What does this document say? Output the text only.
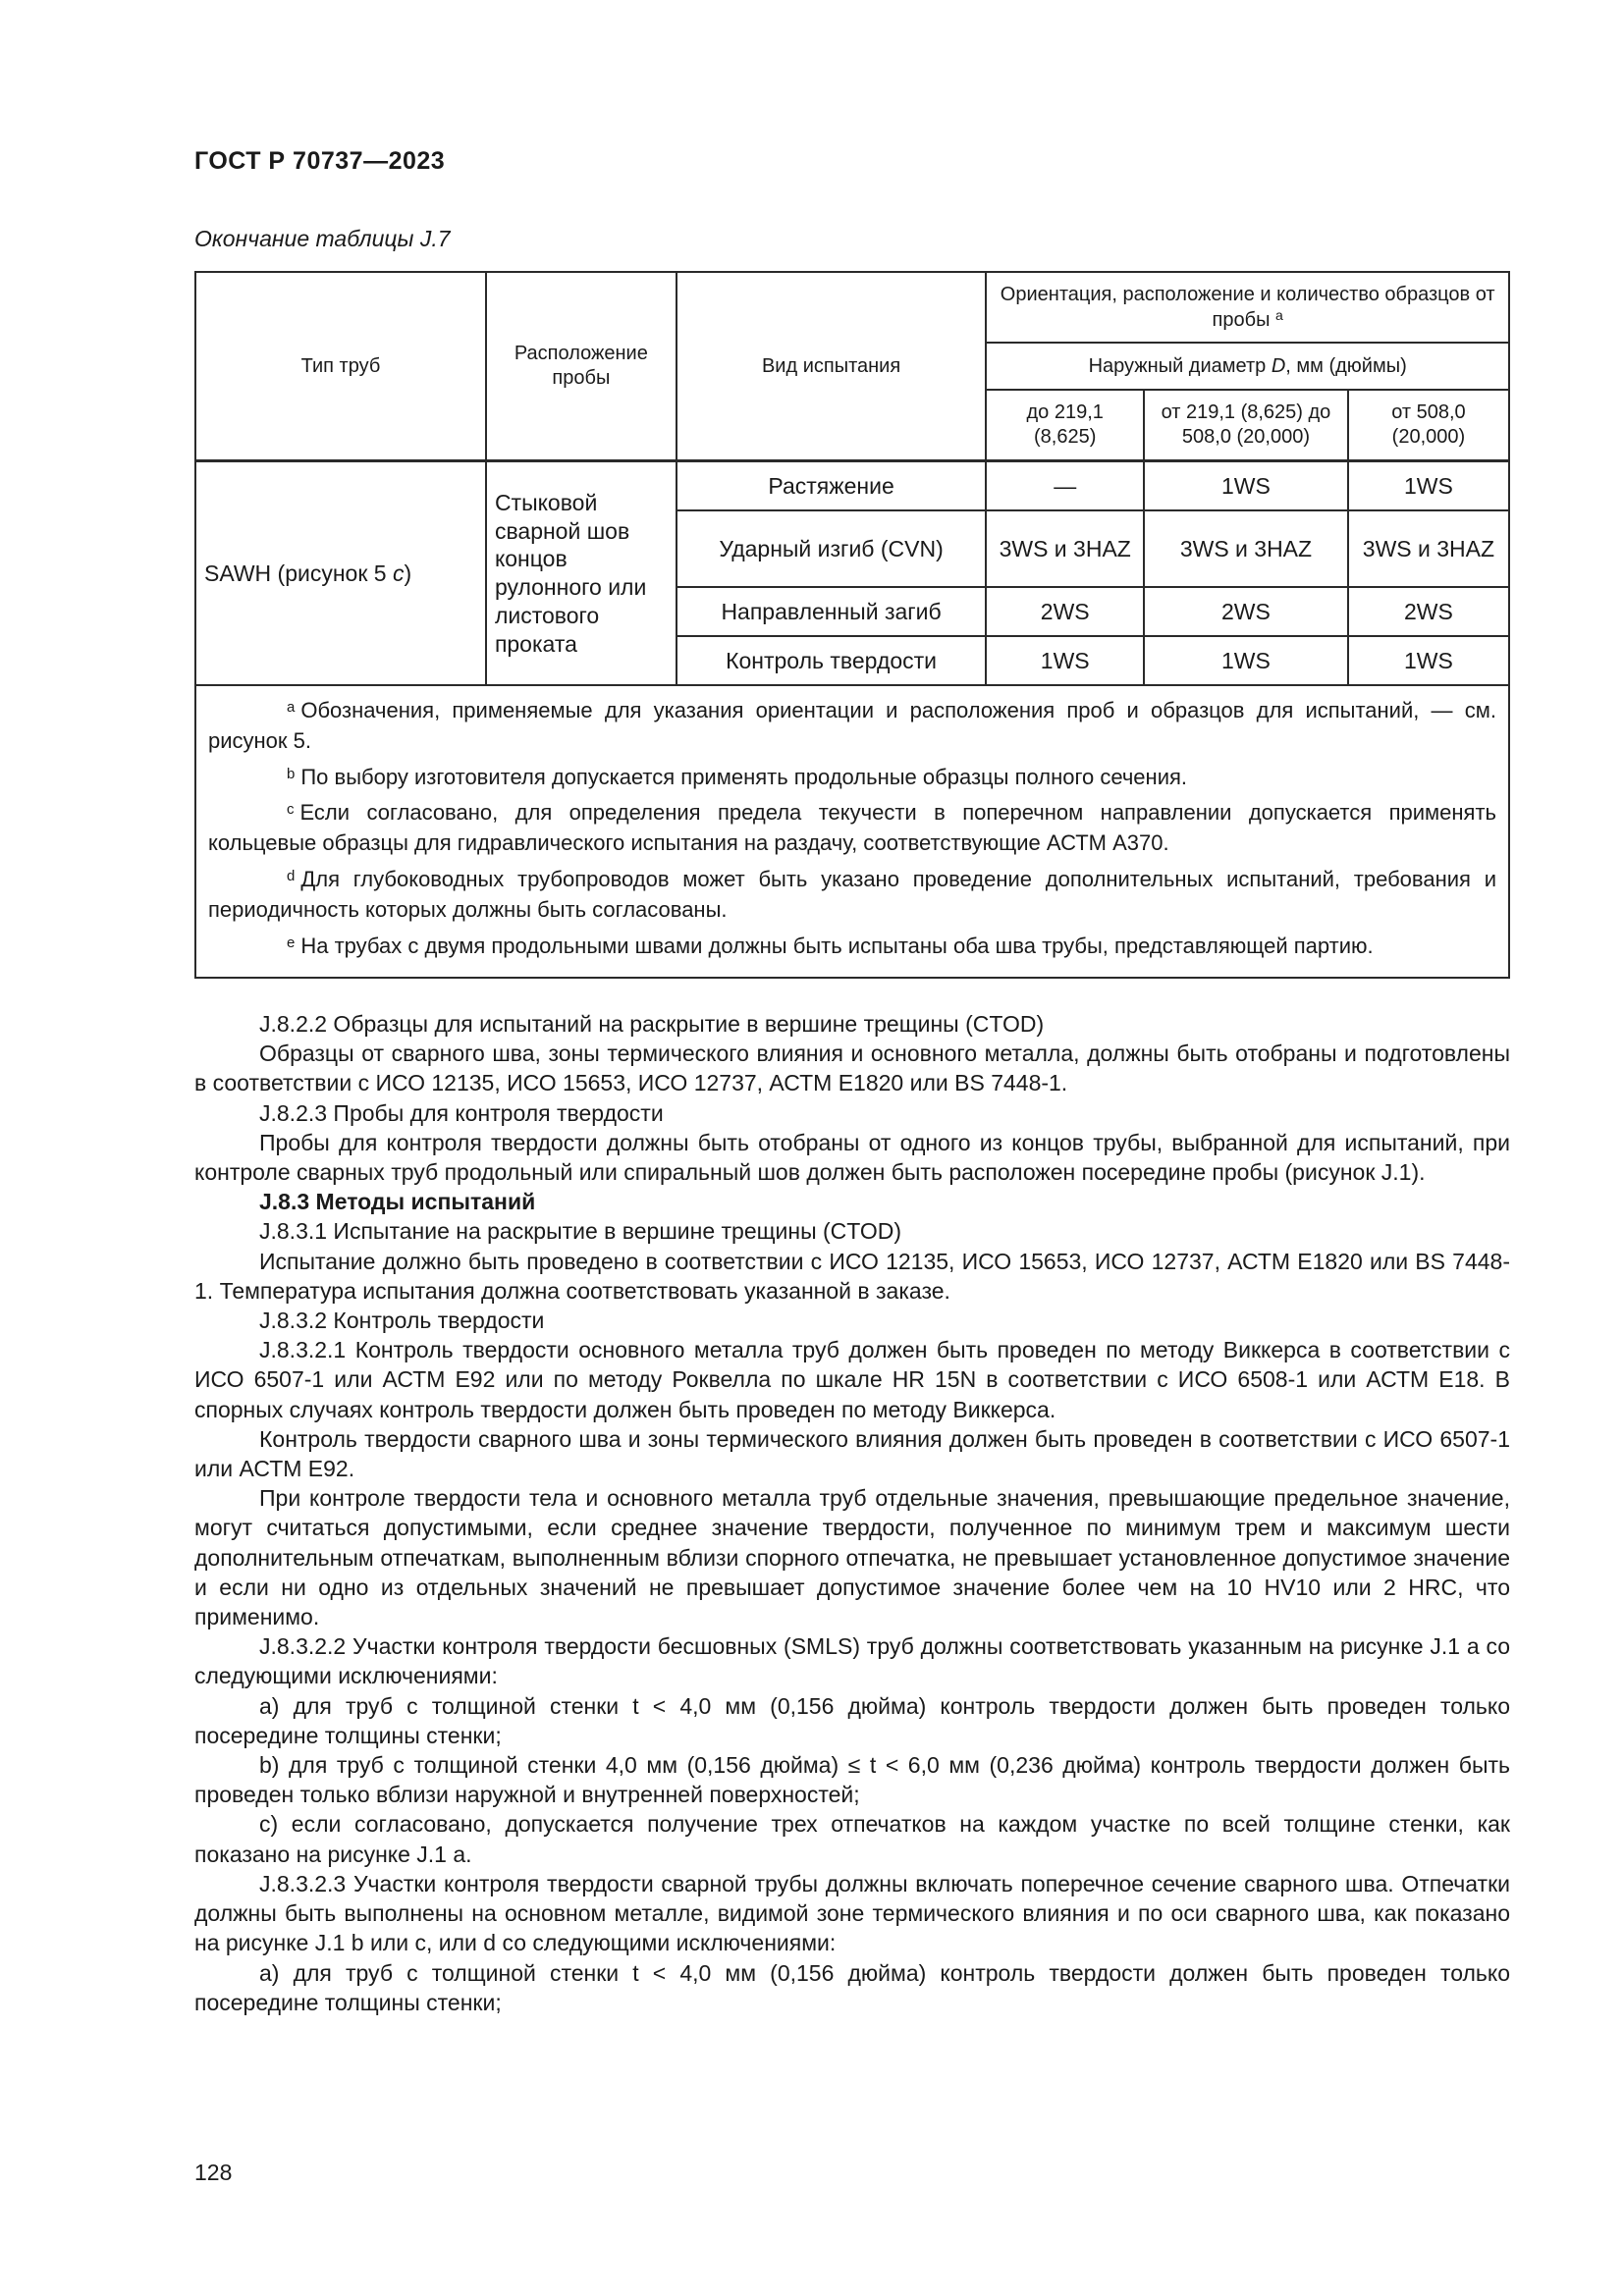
ГОСТ Р 70737—2023
Окончание таблицы J.7
Тип труб	Расположение пробы	Вид испытания	Ориентация, расположение и количество образцов от пробы $^a$
			Наружный диаметр D, мм (дюймы)		
			до 219,1 (8,625)	от 219,1 (8,625) до 508,0 (20,000)	от 508,0 (20,000)
SAWH (рисунок 5 c)	Стыковой сварной шов концов рулонного или листового проката	Растяжение	—	1WS	1WS
		Ударный изгиб (CVN)	3WS и 3HAZ	3WS и 3HAZ	3WS и 3HAZ
		Направленный загиб	2WS	2WS	2WS
		Контроль твердости	1WS	1WS	1WS

$^a$ Обозначения, применяемые для указания ориентации и расположения проб и образцов для испытаний, — см. рисунок 5.
$^b$ По выбору изготовителя допускается применять продольные образцы полного сечения.
$^c$ Если согласовано, для определения предела текучести в поперечном направлении допускается применять кольцевые образцы для гидравлического испытания на раздачу, соответствующие АСТМ А370.
$^d$ Для глубоководных трубопроводов может быть указано проведение дополнительных испытаний, требования и периодичность которых должны быть согласованы.
$^e$ На трубах с двумя продольными швами должны быть испытаны оба шва трубы, представляющей партию.					

J.8.2.2 Образцы для испытаний на раскрытие в вершине трещины (CTOD)

Образцы от сварного шва, зоны термического влияния и основного металла, должны быть отобраны и подготовлены в соответствии с ИСО 12135, ИСО 15653, ИСО 12737, АСТМ Е1820 или BS 7448-1.

J.8.2.3 Пробы для контроля твердости

Пробы для контроля твердости должны быть отобраны от одного из концов трубы, выбранной для испытаний, при контроле сварных труб продольный или спиральный шов должен быть расположен посередине пробы (рисунок J.1).

J.8.3 Методы испытаний

J.8.3.1 Испытание на раскрытие в вершине трещины (CTOD)

Испытание должно быть проведено в соответствии с ИСО 12135, ИСО 15653, ИСО 12737, АСТМ Е1820 или BS 7448-1. Температура испытания должна соответствовать указанной в заказе.

J.8.3.2 Контроль твердости

J.8.3.2.1 Контроль твердости основного металла труб должен быть проведен по методу Виккерса в соответствии с ИСО 6507-1 или АСТМ Е92 или по методу Роквелла по шкале HR 15N в соответствии с ИСО 6508-1 или АСТМ Е18. В спорных случаях контроль твердости должен быть проведен по методу Виккерса.

Контроль твердости сварного шва и зоны термического влияния должен быть проведен в соответствии с ИСО 6507-1 или АСТМ Е92.

При контроле твердости тела и основного металла труб отдельные значения, превышающие предельное значение, могут считаться допустимыми, если среднее значение твердости, полученное по минимум трем и максимум шести дополнительным отпечаткам, выполненным вблизи спорного отпечатка, не превышает установленное допустимое значение и если ни одно из отдельных значений не превышает допустимое значение более чем на 10 HV10 или 2 HRC, что применимо.

J.8.3.2.2 Участки контроля твердости бесшовных (SMLS) труб должны соответствовать указанным на рисунке J.1 a со следующими исключениями:

a) для труб с толщиной стенки t < 4,0 мм (0,156 дюйма) контроль твердости должен быть проведен только посередине толщины стенки;

b) для труб с толщиной стенки 4,0 мм (0,156 дюйма) ≤ t < 6,0 мм (0,236 дюйма) контроль твердости должен быть проведен только вблизи наружной и внутренней поверхностей;

c) если согласовано, допускается получение трех отпечатков на каждом участке по всей толщине стенки, как показано на рисунке J.1 a.

J.8.3.2.3 Участки контроля твердости сварной трубы должны включать поперечное сечение сварного шва. Отпечатки должны быть выполнены на основном металле, видимой зоне термического влияния и по оси сварного шва, как показано на рисунке J.1 b или c, или d со следующими исключениями:

a) для труб с толщиной стенки t < 4,0 мм (0,156 дюйма) контроль твердости должен быть проведен только посередине толщины стенки;

128
